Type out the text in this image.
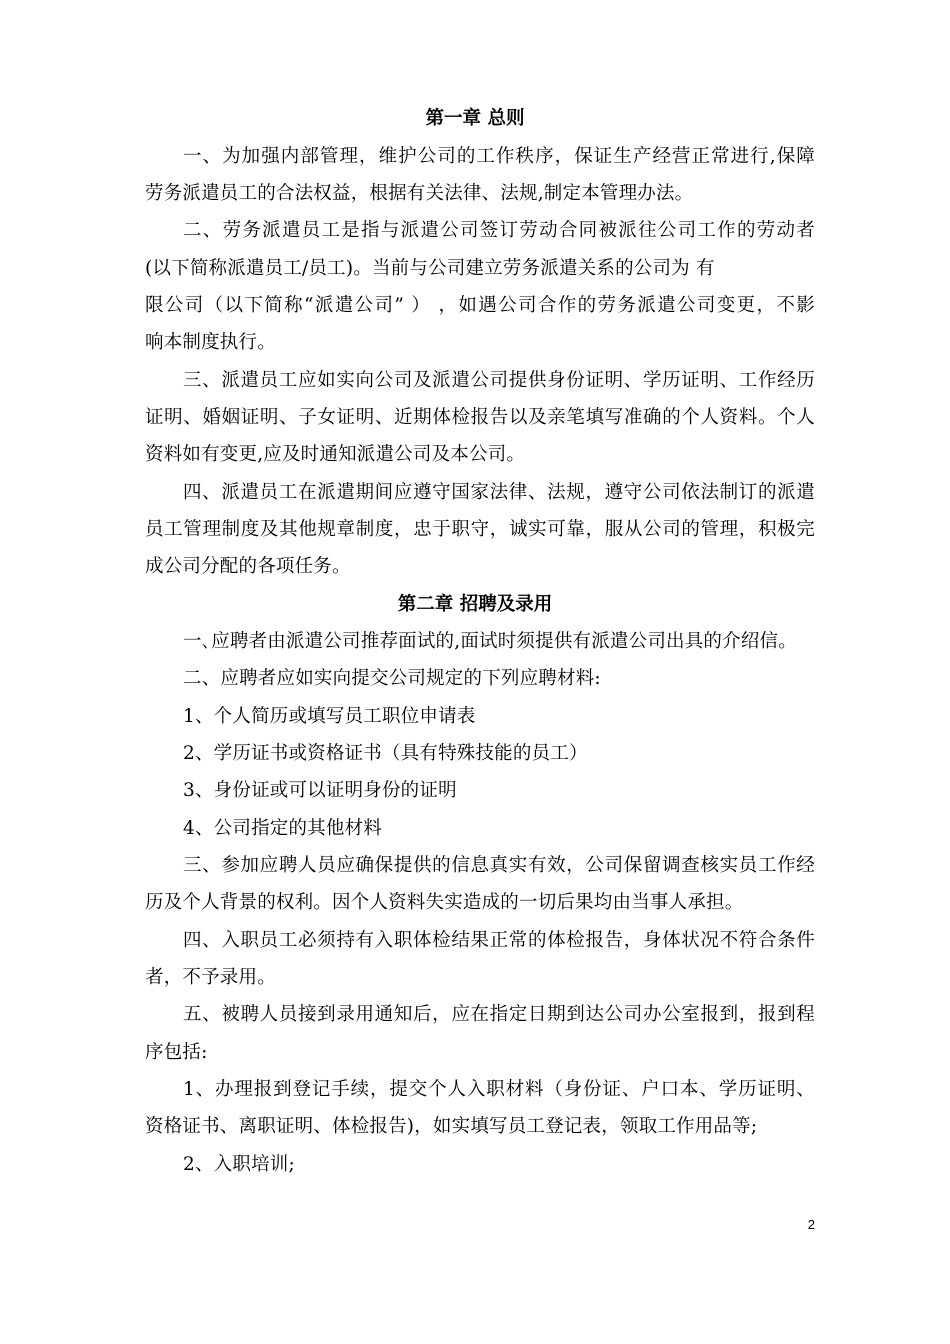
第一章 总则
一、为加强内部管理，维护公司的工作秩序，保证生产经营正常进行,保障
劳务派遣员工的合法权益，根据有关法律、法规,制定本管理办法。
二、劳务派遣员工是指与派遣公司签订劳动合同被派往公司工作的劳动者
(以下简称派遣员工/员工)。当前与公司建立劳务派遣关系的公司为 有
限公司（以下简称“派遣公司” ） ，如遇公司合作的劳务派遣公司变更，不影
响本制度执行。
三、派遣员工应如实向公司及派遣公司提供身份证明、学历证明、工作经历
证明、婚姻证明、子女证明、近期体检报告以及亲笔填写准确的个人资料。个人
资料如有变更,应及时通知派遣公司及本公司。
四、派遣员工在派遣期间应遵守国家法律、法规，遵守公司依法制订的派遣
员工管理制度及其他规章制度，忠于职守，诚实可靠，服从公司的管理，积极完
成公司分配的各项任务。
第二章 招聘及录用
一､应聘者由派遣公司推荐面试的,面试时须提供有派遣公司出具的介绍信。
二、应聘者应如实向提交公司规定的下列应聘材料:
1、个人简历或填写员工职位申请表
2、学历证书或资格证书（具有特殊技能的员工）
3、身份证或可以证明身份的证明
4、公司指定的其他材料
三、参加应聘人员应确保提供的信息真实有效，公司保留调查核实员工作经
历及个人背景的权利。因个人资料失实造成的一切后果均由当事人承担。
四、入职员工必须持有入职体检结果正常的体检报告，身体状况不符合条件
者，不予录用。
五、被聘人员接到录用通知后，应在指定日期到达公司办公室报到，报到程
序包括:
1、办理报到登记手续，提交个人入职材料（身份证、户口本、学历证明、
资格证书、离职证明、体检报告)，如实填写员工登记表，领取工作用品等;
2、入职培训;
2
